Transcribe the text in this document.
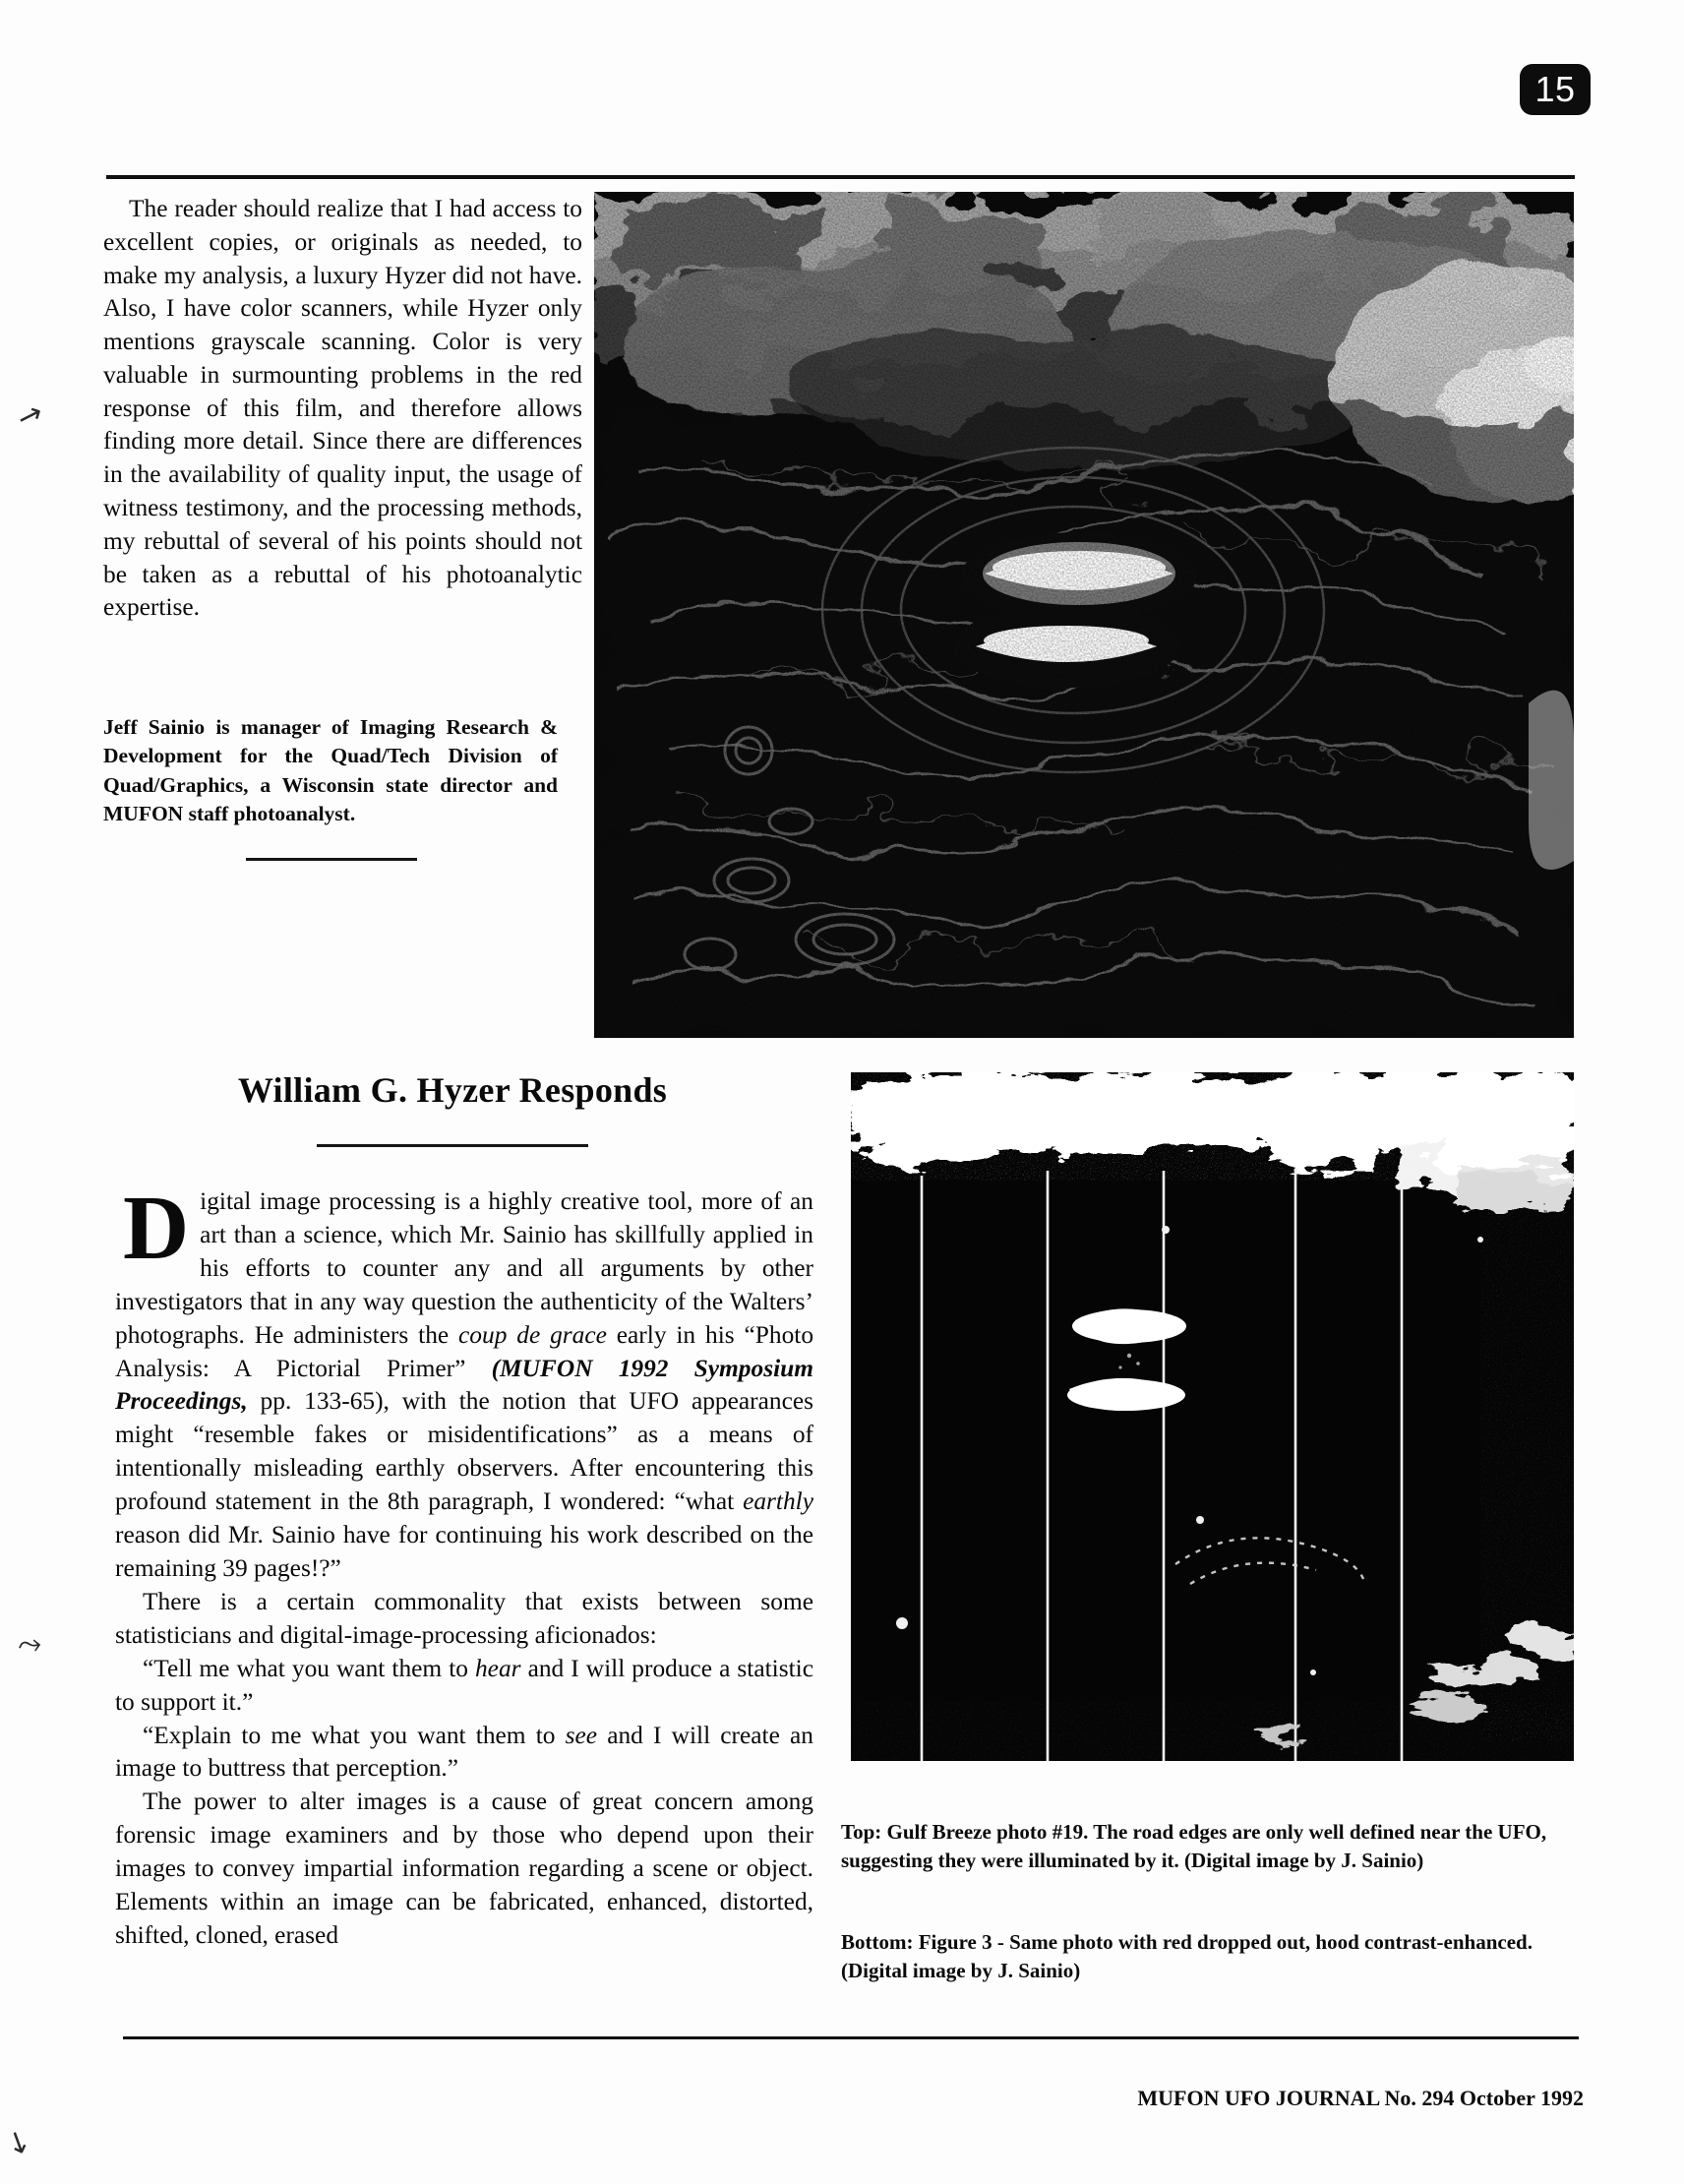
15

The reader should realize that I had access to excellent copies, or originals as needed, to make my analysis, a luxury Hyzer did not have. Also, I have color scanners, while Hyzer only mentions grayscale scanning. Color is very valuable in surmounting problems in the red response of this film, and therefore allows finding more detail. Since there are differences in the availability of quality input, the usage of witness testimony, and the processing methods, my rebuttal of several of his points should not be taken as a rebuttal of his photoanalytic expertise.

Jeff Sainio is manager of Imaging Research & Development for the Quad/Tech Division of Quad/Graphics, a Wisconsin state director and MUFON staff photoanalyst.

William G. Hyzer Responds

Digital image processing is a highly creative tool, more of an art than a science, which Mr. Sainio has skillfully applied in his efforts to counter any and all arguments by other investigators that in any way question the authenticity of the Walters’ photographs. He administers the coup de grace early in his “Photo Analysis: A Pictorial Primer” (MUFON 1992 Symposium Proceedings, pp. 133-65), with the notion that UFO appearances might “resemble fakes or misidentifications” as a means of intentionally misleading earthly observers. After encountering this profound statement in the 8th paragraph, I wondered: “what earthly reason did Mr. Sainio have for continuing his work described on the remaining 39 pages!?”

There is a certain commonality that exists between some statisticians and digital-image-processing aficionados:

“Tell me what you want them to hear and I will produce a statistic to support it.”

“Explain to me what you want them to see and I will create an image to buttress that perception.”

The power to alter images is a cause of great concern among forensic image examiners and by those who depend upon their images to convey impartial information regarding a scene or object. Elements within an image can be fabricated, enhanced, distorted, shifted, cloned, erased

Top: Gulf Breeze photo #19. The road edges are only well defined near the UFO, suggesting they were illuminated by it. (Digital image by J. Sainio)

Bottom: Figure 3 - Same photo with red dropped out, hood contrast-enhanced. (Digital image by J. Sainio)

MUFON UFO JOURNAL No. 294 October 1992
↗
⤳
↘
